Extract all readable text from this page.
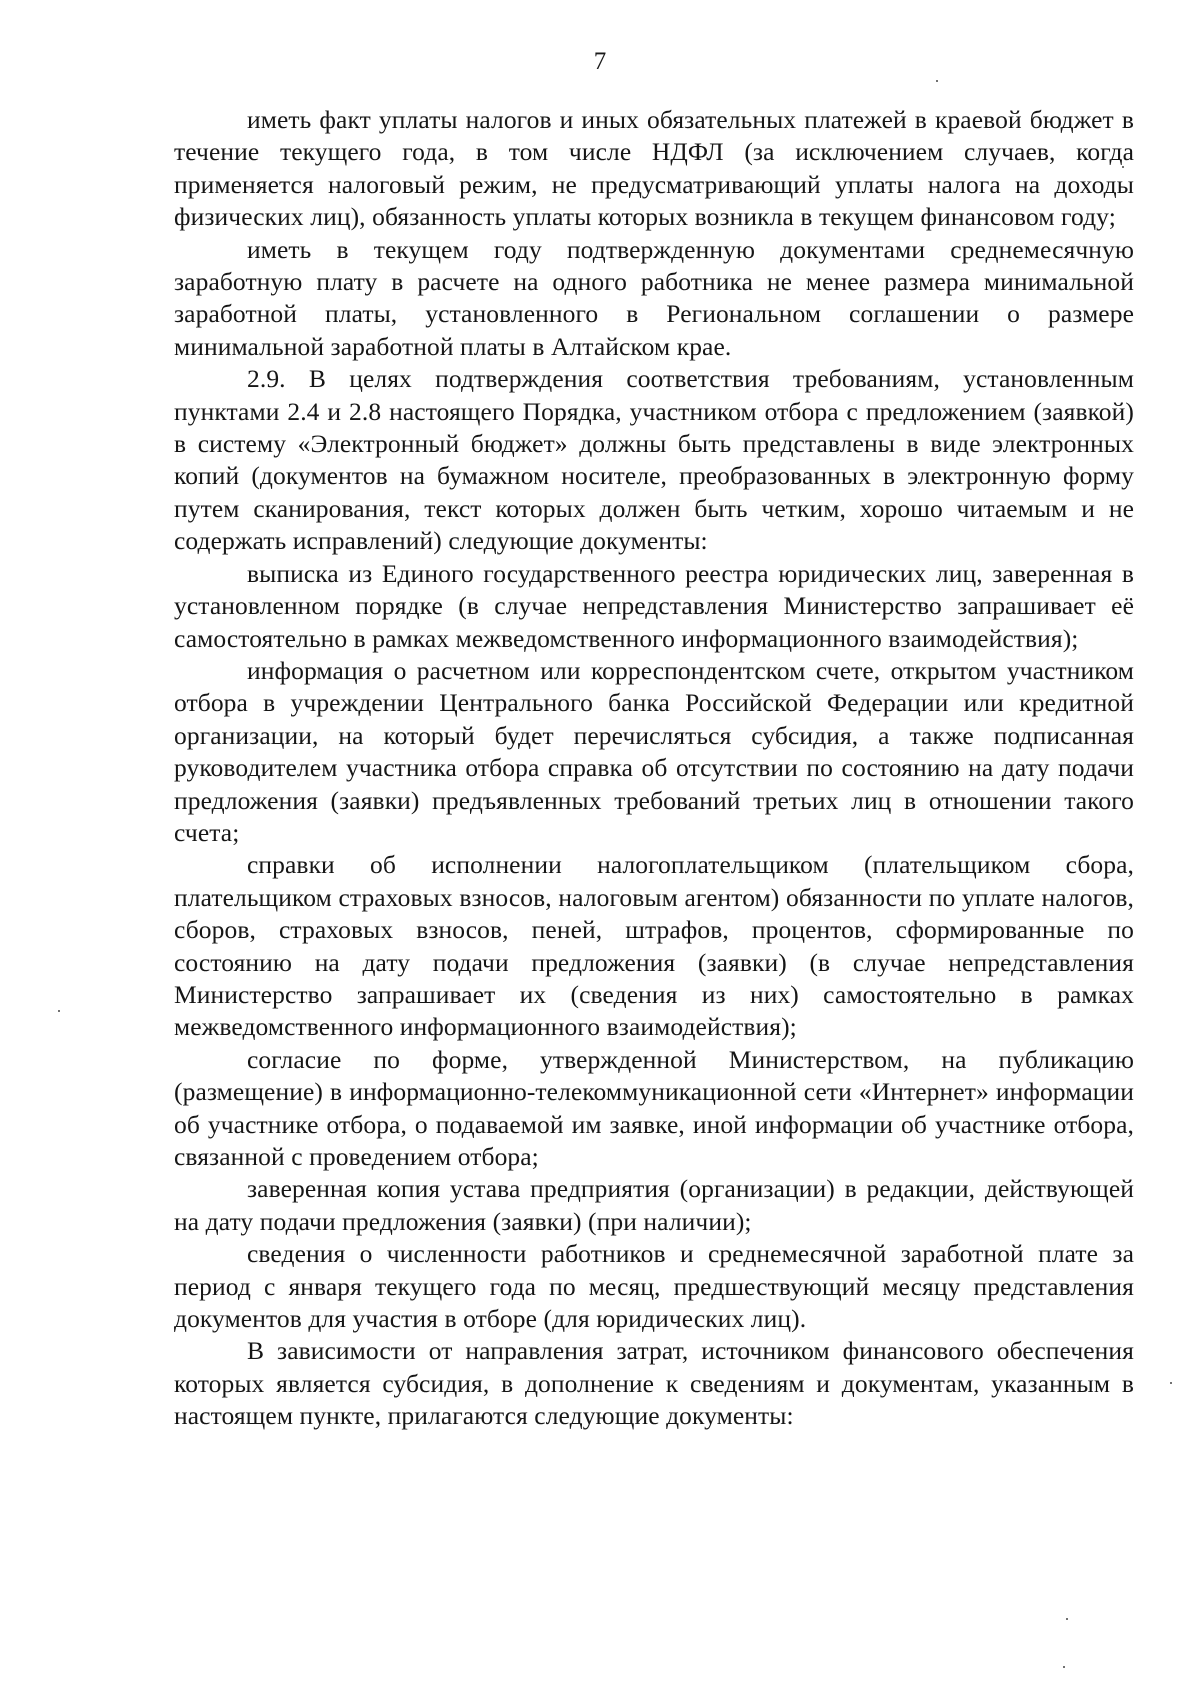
7

иметь факт уплаты налогов и иных обязательных платежей в краевой бюджет в течение текущего года, в том числе НДФЛ (за исключением случаев, когда применяется налоговый режим, не предусматривающий уплаты налога на доходы физических лиц), обязанность уплаты которых возникла в текущем финансовом году;

иметь в текущем году подтвержденную документами среднемесячную заработную плату в расчете на одного работника не менее размера минимальной заработной платы, установленного в Региональном соглашении о размере минимальной заработной платы в Алтайском крае.

2.9. В целях подтверждения соответствия требованиям, установленным пунктами 2.4 и 2.8 настоящего Порядка, участником отбора с предложением (заявкой) в систему «Электронный бюджет» должны быть представлены в виде электронных копий (документов на бумажном носителе, преобразованных в электронную форму путем сканирования, текст которых должен быть четким, хорошо читаемым и не содержать исправлений) следующие документы:

выписка из Единого государственного реестра юридических лиц, заверенная в установленном порядке (в случае непредставления Министерство запрашивает её самостоятельно в рамках межведомственного информационного взаимодействия);

информация о расчетном или корреспондентском счете, открытом участником отбора в учреждении Центрального банка Российской Федерации или кредитной организации, на который будет перечисляться субсидия, а также подписанная руководителем участника отбора справка об отсутствии по состоянию на дату подачи предложения (заявки) предъявленных требований третьих лиц в отношении такого счета;

справки об исполнении налогоплательщиком (плательщиком сбора, плательщиком страховых взносов, налоговым агентом) обязанности по уплате налогов, сборов, страховых взносов, пеней, штрафов, процентов, сформированные по состоянию на дату подачи предложения (заявки) (в случае непредставления Министерство запрашивает их (сведения из них) самостоятельно в рамках межведомственного информационного взаимодействия);

согласие по форме, утвержденной Министерством, на публикацию (размещение) в информационно-телекоммуникационной сети «Интернет» информации об участнике отбора, о подаваемой им заявке, иной информации об участнике отбора, связанной с проведением отбора;

заверенная копия устава предприятия (организации) в редакции, действующей на дату подачи предложения (заявки) (при наличии);

сведения о численности работников и среднемесячной заработной плате за период с января текущего года по месяц, предшествующий месяцу представления документов для участия в отборе (для юридических лиц).

В зависимости от направления затрат, источником финансового обеспечения которых является субсидия, в дополнение к сведениям и документам, указанным в настоящем пункте, прилагаются следующие документы:
